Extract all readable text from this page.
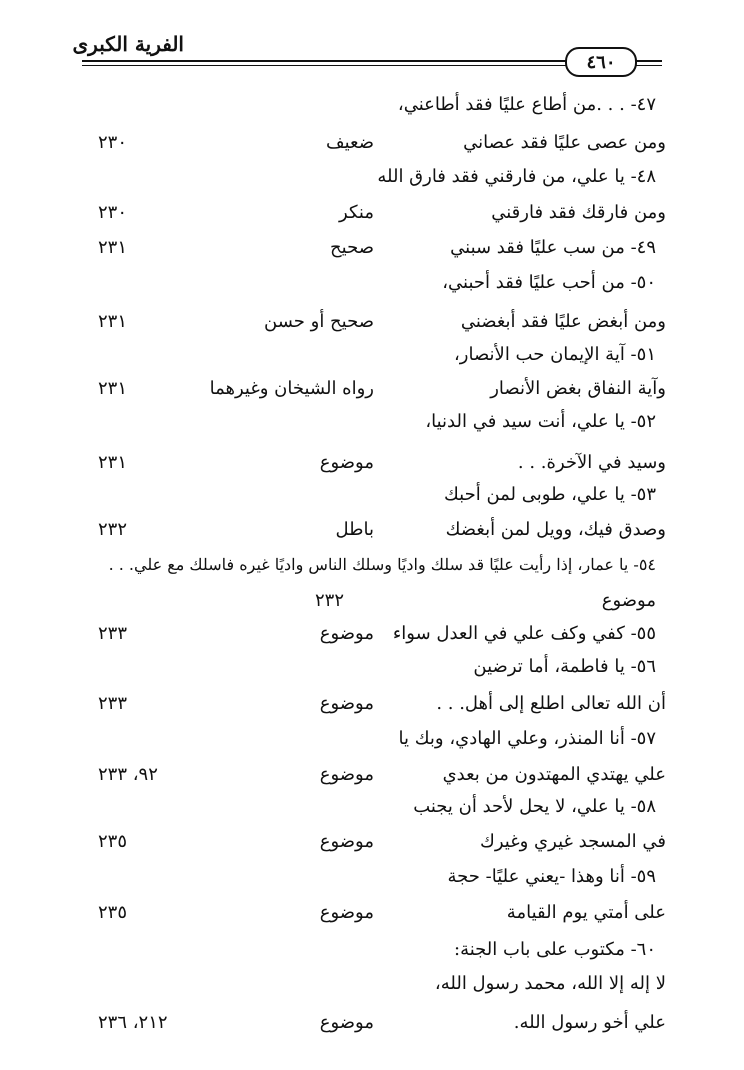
الفرية الكبرى
٤٦٠
٤٧- . . .من أطاع عليًا فقد أطاعني،
ومن عصى عليًا فقد عصاني
ضعيف
٢٣٠
٤٨- يا علي، من فارقني فقد فارق الله
ومن فارقك فقد فارقني
منكر
٢٣٠
٤٩- من سب عليًا فقد سبني
صحيح
٢٣١
٥٠- من أحب عليًا فقد أحبني،
ومن أبغض عليًا فقد أبغضني
صحيح أو حسن
٢٣١
٥١- آية الإيمان حب الأنصار،
وآية النفاق بغض الأنصار
رواه الشيخان وغيرهما
٢٣١
٥٢- يا علي، أنت سيد في الدنيا،
وسيد في الآخرة. . .
موضوع
٢٣١
٥٣- يا علي، طوبى لمن أحبك
وصدق فيك، وويل لمن أبغضك
باطل
٢٣٢
٥٤- يا عمار، إذا رأيت عليًا قد سلك واديًا وسلك الناس واديًا غيره فاسلك مع علي. . .
موضوع
٢٣٢
٥٥- كفي وكف علي في العدل سواء
موضوع
٢٣٣
٥٦- يا فاطمة، أما ترضين
أن الله تعالى اطلع إلى أهل. . .
موضوع
٢٣٣
٥٧- أنا المنذر، وعلي الهادي، وبك يا
علي يهتدي المهتدون من بعدي
موضوع
٩٢، ٢٣٣
٥٨- يا علي، لا يحل لأحد أن يجنب
في المسجد غيري وغيرك
موضوع
٢٣٥
٥٩- أنا وهذا -يعني عليًا- حجة
على أمتي يوم القيامة
موضوع
٢٣٥
٦٠- مكتوب على باب الجنة:
لا إله إلا الله، محمد رسول الله،
علي أخو رسول الله.
موضوع
٢١٢، ٢٣٦
